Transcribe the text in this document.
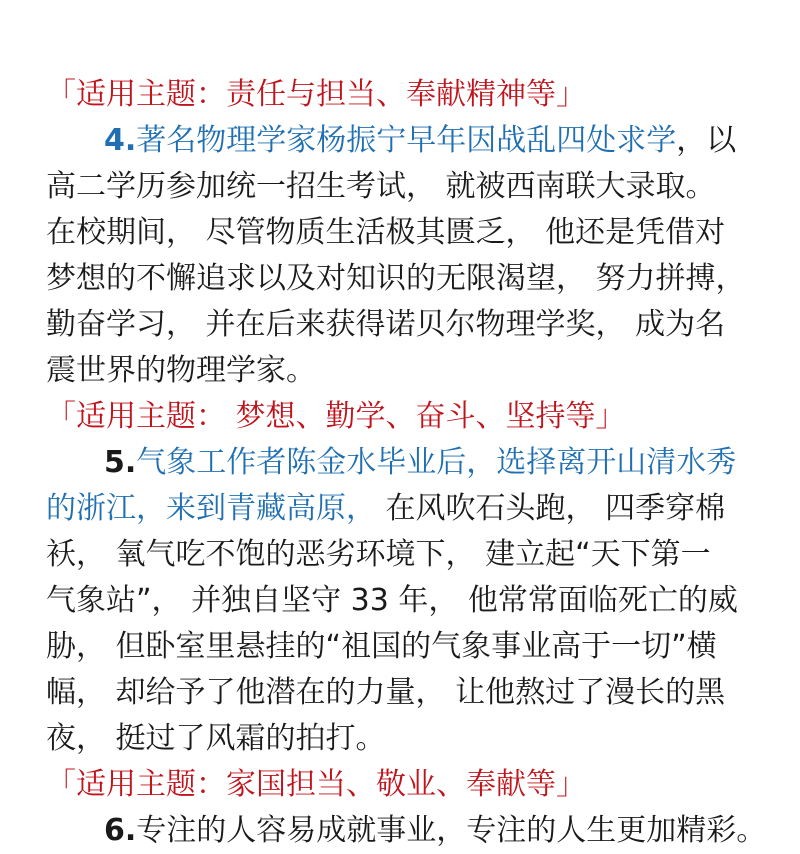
「适用主题：责任与担当、奉献精神等」
4.著名物理学家杨振宁早年因战乱四处求学，以
高二学历参加统一招生考试， 就被西南联大录取。
在校期间， 尽管物质生活极其匮乏， 他还是凭借对
梦想的不懈追求以及对知识的无限渴望， 努力拼搏，
勤奋学习， 并在后来获得诺贝尔物理学奖， 成为名
震世界的物理学家。
「适用主题： 梦想、勤学、奋斗、坚持等」
5.气象工作者陈金水毕业后，选择离开山清水秀
的浙江，来到青藏高原， 在风吹石头跑， 四季穿棉
袄， 氧气吃不饱的恶劣环境下， 建立起“天下第一
气象站”， 并独自坚守 33 年， 他常常面临死亡的威
胁， 但卧室里悬挂的“祖国的气象事业高于一切”横
幅， 却给予了他潜在的力量， 让他熬过了漫长的黑
夜， 挺过了风霜的拍打。
「适用主题：家国担当、敬业、奉献等」
6.专注的人容易成就事业，专注的人生更加精彩。
